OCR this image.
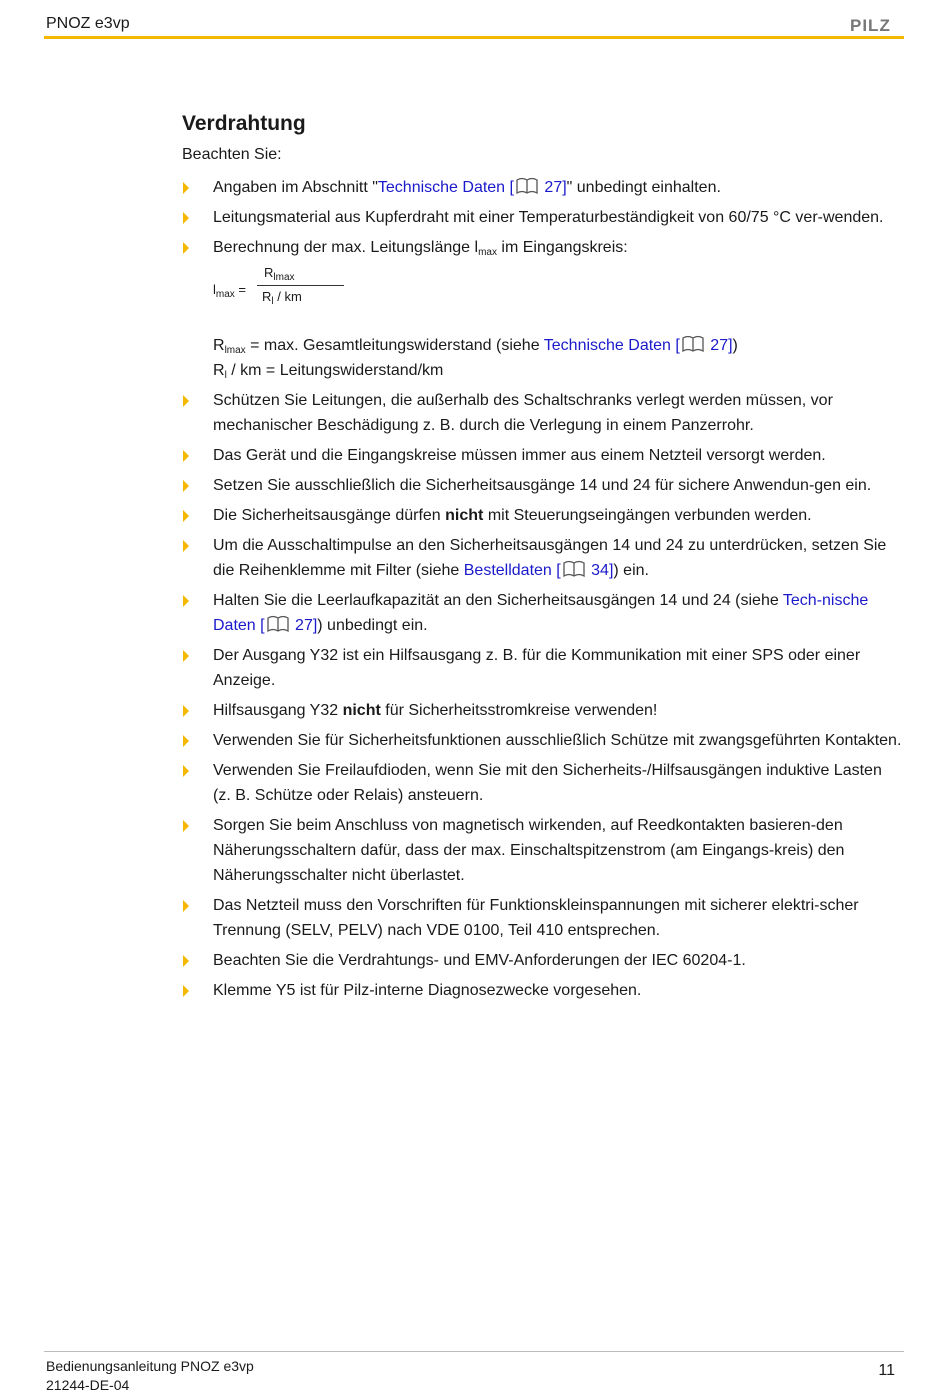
PNOZ e3vp	PILZ
Verdrahtung

Beachten Sie:

Angaben im Abschnitt "Technische Daten [ 27]" unbedingt einhalten.
Leitungsmaterial aus Kupferdraht mit einer Temperaturbeständigkeit von 60/75 °C ver-wenden.
Berechnung der max. Leitungslänge $l_{max}$ im Eingangskreis:
$l_{max}$ =
$R_{lmax}$
$R_l$ / km
$R_{lmax} = \max$. Gesamtleitungswiderstand (siehe Technische Daten [ 27])
$R_l$ / km = Leitungswiderstand/km
Schützen Sie Leitungen, die außerhalb des Schaltschranks verlegt werden müssen, vor mechanischer Beschädigung z. B. durch die Verlegung in einem Panzerrohr.
Das Gerät und die Eingangskreise müssen immer aus einem Netzteil versorgt werden.
Setzen Sie ausschließlich die Sicherheitsausgänge 14 und 24 für sichere Anwendun-gen ein.
Die Sicherheitsausgänge dürfen nicht mit Steuerungseingängen verbunden werden.
Um die Ausschaltimpulse an den Sicherheitsausgängen 14 und 24 zu unterdrücken, setzen Sie die Reihenklemme mit Filter (siehe Bestelldaten [ 34]) ein.
Halten Sie die Leerlaufkapazität an den Sicherheitsausgängen 14 und 24 (siehe Tech-nische Daten [ 27]) unbedingt ein.
Der Ausgang Y32 ist ein Hilfsausgang z. B. für die Kommunikation mit einer SPS oder einer Anzeige.
Hilfsausgang Y32 nicht für Sicherheitsstromkreise verwenden!
Verwenden Sie für Sicherheitsfunktionen ausschließlich Schütze mit zwangsgeführten Kontakten.
Verwenden Sie Freilaufdioden, wenn Sie mit den Sicherheits-/Hilfsausgängen induktive Lasten (z. B. Schütze oder Relais) ansteuern.
Sorgen Sie beim Anschluss von magnetisch wirkenden, auf Reedkontakten basieren-den Näherungsschaltern dafür, dass der max. Einschaltspitzenstrom (am Eingangs-kreis) den Näherungsschalter nicht überlastet.
Das Netzteil muss den Vorschriften für Funktionskleinspannungen mit sicherer elektri-scher Trennung (SELV, PELV) nach VDE 0100, Teil 410 entsprechen.
Beachten Sie die Verdrahtungs- und EMV-Anforderungen der IEC 60204-1.
Klemme Y5 ist für Pilz-interne Diagnosezwecke vorgesehen.
Bedienungsanleitung PNOZ e3vp
21244-DE-04
11
